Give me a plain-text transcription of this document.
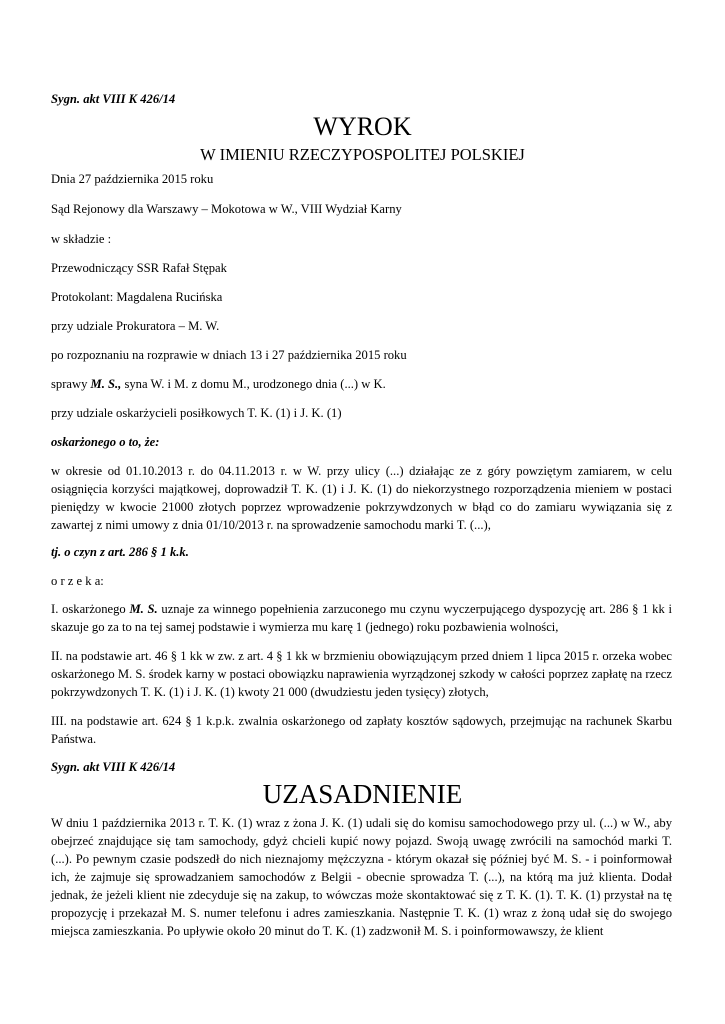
Sygn. akt VIII K 426/14

WYROK
W IMIENIU RZECZYPOSPOLITEJ POLSKIEJ

Dnia 27 października 2015 roku

Sąd Rejonowy dla Warszawy – Mokotowa w W., VIII Wydział Karny

w składzie :

Przewodniczący SSR Rafał Stępak

Protokolant: Magdalena Rucińska

przy udziale Prokuratora – M. W.

po rozpoznaniu na rozprawie w dniach 13 i 27 października 2015 roku

sprawy M. S., syna W. i M. z domu M., urodzonego dnia (...) w K.

przy udziale oskarżycieli posiłkowych T. K. (1) i J. K. (1)

oskarżonego o to, że:

w okresie od 01.10.2013 r. do 04.11.2013 r. w W. przy ulicy (...) działając ze z góry powziętym zamiarem, w celu osiągnięcia korzyści majątkowej, doprowadził T. K. (1) i J. K. (1) do niekorzystnego rozporządzenia mieniem w postaci pieniędzy w kwocie 21000 złotych poprzez wprowadzenie pokrzywdzonych w błąd co do zamiaru wywiązania się z zawartej z nimi umowy z dnia 01/10/2013 r. na sprowadzenie samochodu marki T. (...),

tj. o czyn z art. 286 § 1 k.k.

o r z e k a:

I. oskarżonego M. S. uznaje za winnego popełnienia zarzuconego mu czynu wyczerpującego dyspozycję art. 286 § 1 kk i skazuje go za to na tej samej podstawie i wymierza mu karę 1 (jednego) roku pozbawienia wolności,

II. na podstawie art. 46 § 1 kk w zw. z art. 4 § 1 kk w brzmieniu obowiązującym przed dniem 1 lipca 2015 r. orzeka wobec oskarżonego M. S. środek karny w postaci obowiązku naprawienia wyrządzonej szkody w całości poprzez zapłatę na rzecz pokrzywdzonych T. K. (1) i J. K. (1) kwoty 21 000 (dwudziestu jeden tysięcy) złotych,

III. na podstawie art. 624 § 1 k.p.k. zwalnia oskarżonego od zapłaty kosztów sądowych, przejmując na rachunek Skarbu Państwa.

Sygn. akt VIII K 426/14

UZASADNIENIE

W dniu 1 października 2013 r. T. K. (1) wraz z żona J. K. (1) udali się do komisu samochodowego przy ul. (...) w W., aby obejrzeć znajdujące się tam samochody, gdyż chcieli kupić nowy pojazd. Swoją uwagę zwrócili na samochód marki T. (...). Po pewnym czasie podszedł do nich nieznajomy mężczyzna - którym okazał się później być M. S. - i poinformował ich, że zajmuje się sprowadzaniem samochodów z Belgii - obecnie sprowadza T. (...), na którą ma już klienta. Dodał jednak, że jeżeli klient nie zdecyduje się na zakup, to wówczas może skontaktować się z T. K. (1). T. K. (1) przystał na tę propozycję i przekazał M. S. numer telefonu i adres zamieszkania. Następnie T. K. (1) wraz z żoną udał się do swojego miejsca zamieszkania. Po upływie około 20 minut do T. K. (1) zadzwonił M. S. i poinformowawszy, że klient
